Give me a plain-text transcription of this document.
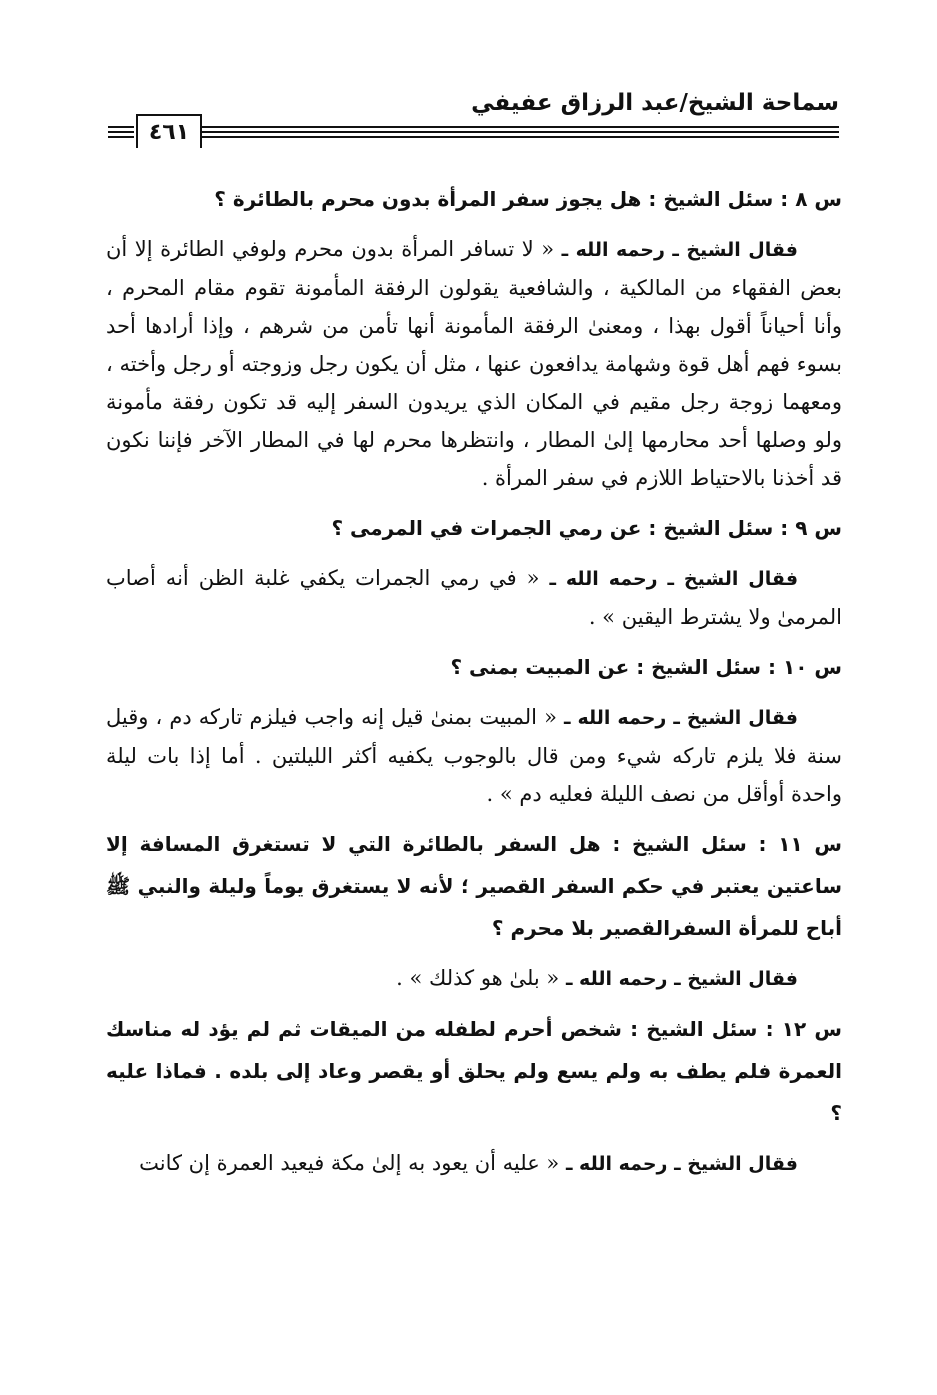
سماحة الشيخ/عبد الرزاق عفيفي
٤٦١
س ٨ : سئل الشيخ : هل يجوز سفر المرأة بدون محرم بالطائرة ؟

فقال الشيخ ـ رحمه الله ـ « لا تسافر المرأة بدون محرم ولوفي الطائرة إلا أن بعض الفقهاء من المالكية ، والشافعية يقولون الرفقة المأمونة تقوم مقام المحرم ، وأنا أحياناً أقول بهذا ، ومعنىٰ الرفقة المأمونة أنها تأمن من شرهم ، وإذا أرادها أحد بسوء فهم أهل قوة وشهامة يدافعون عنها ، مثل أن يكون رجل وزوجته أو رجل وأخته ، ومعهما زوجة رجل مقيم في المكان الذي يريدون السفر إليه قد تكون رفقة مأمونة ولو وصلها أحد محارمها إلىٰ المطار ، وانتظرها محرم لها في المطار الآخر فإننا نكون قد أخذنا بالاحتياط اللازم في سفر المرأة .

س ٩ : سئل الشيخ : عن رمي الجمرات في المرمى ؟

فقال الشيخ ـ رحمه الله ـ « في رمي الجمرات يكفي غلبة الظن أنه أصاب المرمىٰ ولا يشترط اليقين » .

س ١٠ : سئل الشيخ : عن المبيت بمنى ؟

فقال الشيخ ـ رحمه الله ـ « المبيت بمنىٰ قيل إنه واجب فيلزم تاركه دم ، وقيل سنة فلا يلزم تاركه شيء ومن قال بالوجوب يكفيه أكثر الليلتين . أما إذا بات ليلة واحدة أوأقل من نصف الليلة فعليه دم » .

س ١١ : سئل الشيخ : هل السفر بالطائرة التي لا تستغرق المسافة إلا ساعتين يعتبر في حكم السفر القصير ؛ لأنه لا يستغرق يوماً وليلة والنبي ﷺ أباح للمرأة السفرالقصير بلا محرم ؟

فقال الشيخ ـ رحمه الله ـ « بلىٰ هو كذلك » .

س ١٢ : سئل الشيخ : شخص أحرم لطفله من الميقات ثم لم يؤد له مناسك العمرة فلم يطف به ولم يسع ولم يحلق أو يقصر وعاد إلى بلده . فماذا عليه ؟

فقال الشيخ ـ رحمه الله ـ « عليه أن يعود به إلىٰ مكة فيعيد العمرة إن كانت
